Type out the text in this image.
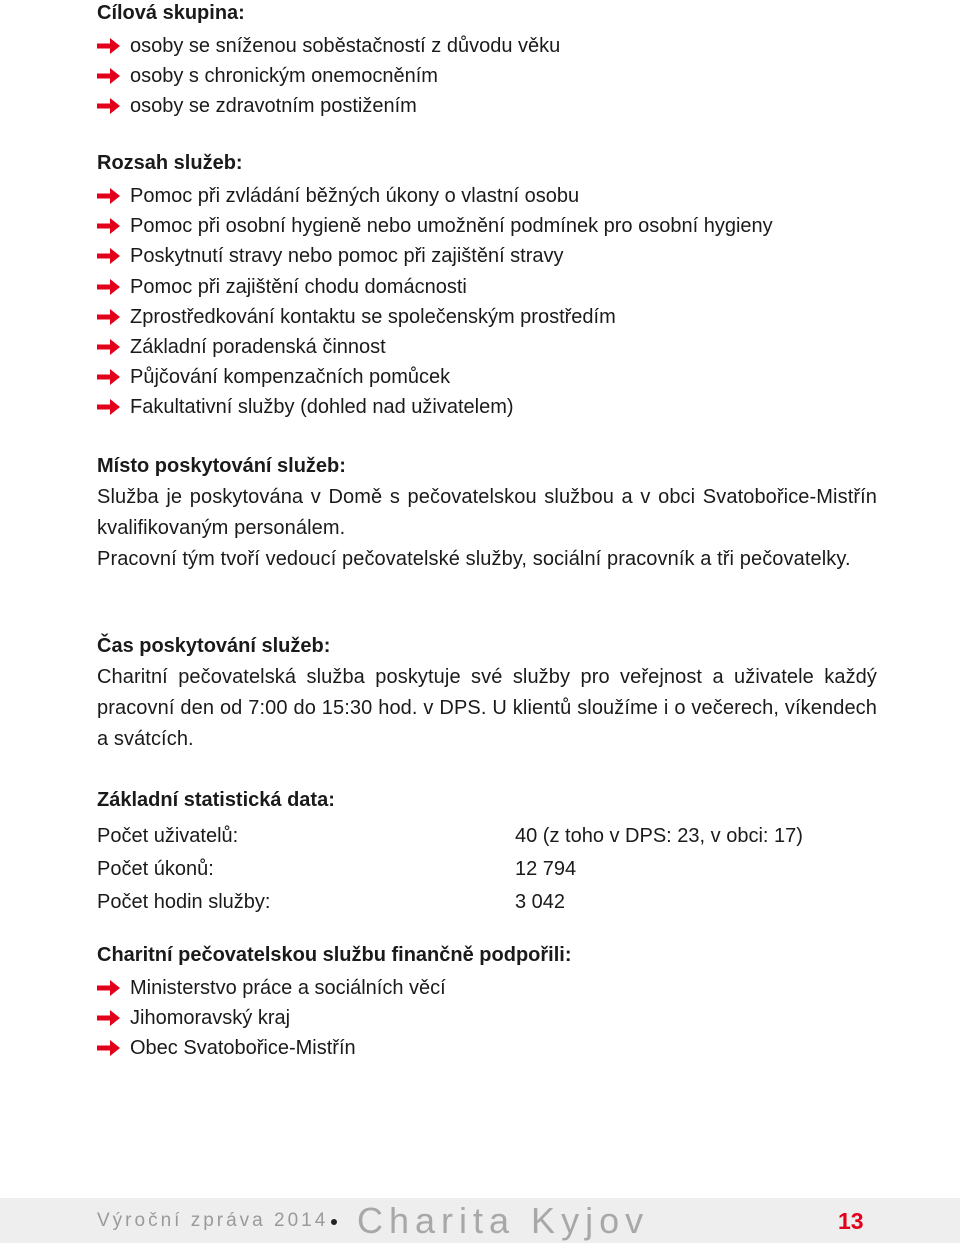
Cílová skupina:
osoby se sníženou soběstačností z důvodu věku
osoby s chronickým onemocněním
osoby se zdravotním postižením
Rozsah služeb:
Pomoc při zvládání běžných úkony o vlastní osobu
Pomoc při osobní hygieně nebo umožnění podmínek pro osobní hygieny
Poskytnutí stravy nebo pomoc při zajištění stravy
Pomoc při zajištění chodu domácnosti
Zprostředkování kontaktu se společenským prostředím
Základní poradenská činnost
Půjčování kompenzačních pomůcek
Fakultativní služby (dohled nad uživatelem)
Místo poskytování služeb:

Služba je poskytována v Domě s pečovatelskou službou a v obci Svatobořice-Mistřín kvalifikovaným personálem.

Pracovní tým tvoří vedoucí pečovatelské služby, sociální pracovník a tři pečovatelky.

Čas poskytování služeb:

Charitní pečovatelská služba poskytuje své služby pro veřejnost a uživatele každý pracovní den od 7:00 do 15:30 hod. v DPS. U klientů sloužíme i o večerech, víkendech a svátcích.

Základní statistická data:
Počet uživatelů:	40 (z toho v DPS: 23, v obci: 17)
Počet úkonů:	12 794
Počet hodin služby:	3 042
Charitní pečovatelskou službu finančně podpořili:
Ministerstvo práce a sociálních věcí
Jihomoravský kraj
Obec Svatobořice-Mistřín
Výroční zpráva 2014 Charita Kyjov	13
